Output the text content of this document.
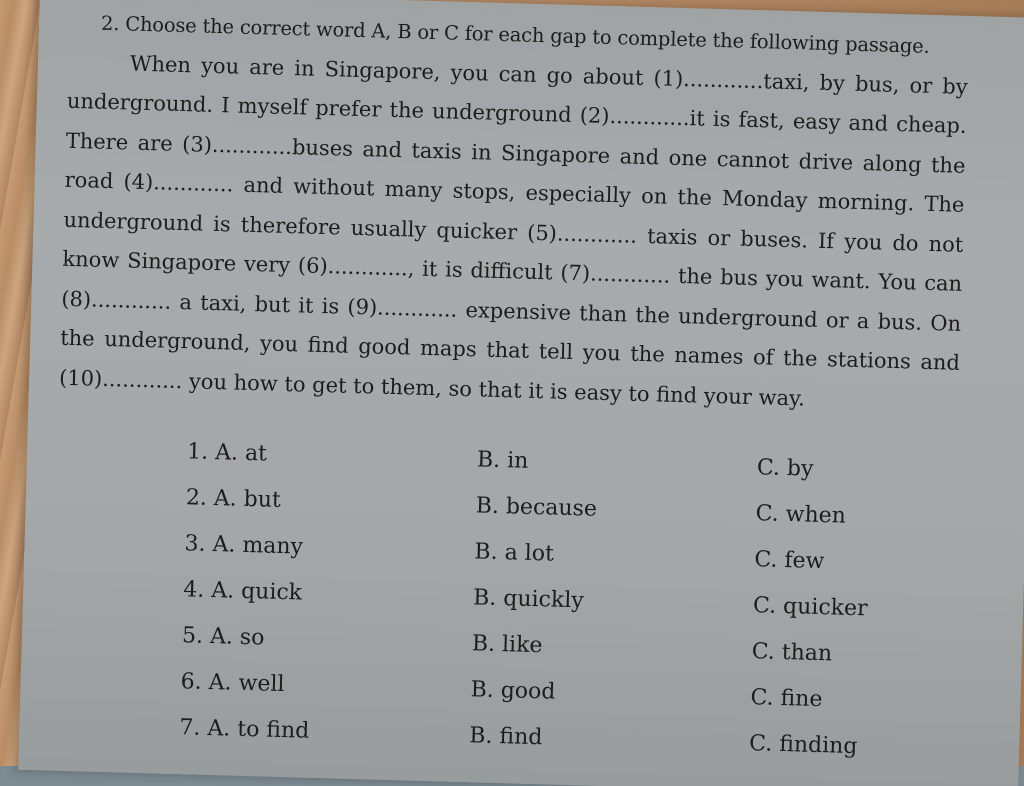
2. Choose the correct word A, B or C for each gap to complete the following passage.

When you are in Singapore, you can go about (1)............taxi, by bus, or by underground. I myself prefer the underground (2)............it is fast, easy and cheap. There are (3)............buses and taxis in Singapore and one cannot drive along the road (4)............ and without many stops, especially on the Monday morning. The underground is therefore usually quicker (5)............ taxis or buses. If you do not know Singapore very (6)............, it is difficult (7)............ the bus you want. You can (8)............ a taxi, but it is (9)............ expensive than the underground or a bus. On the underground, you find good maps that tell you the names of the stations and (10)............ you how to get to them, so that it is easy to find your way.

1. A. at	B. in	C. by
2. A. but	B. because	C. when
3. A. many	B. a lot	C. few
4. A. quick	B. quickly	C. quicker
5. A. so	B. like	C. than
6. A. well	B. good	C. fine
7. A. to find	B. find	C. finding
